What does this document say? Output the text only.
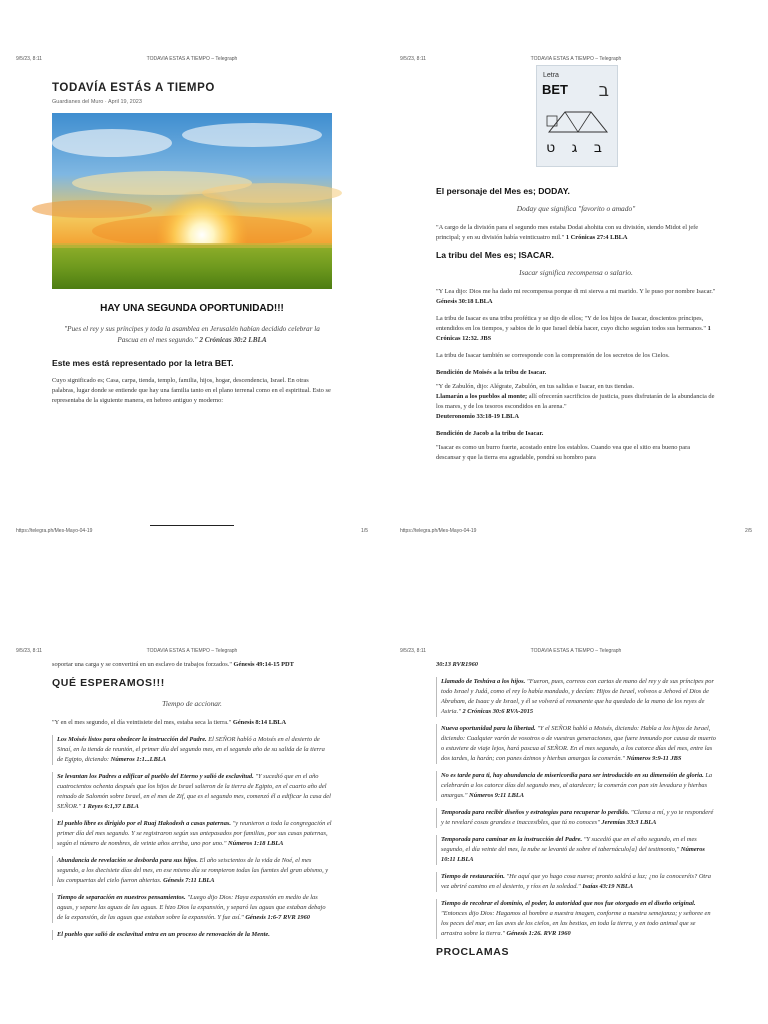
9/5/23, 8:11	TODAVIA ESTAS A TIEMPO – Telegraph
TODAVÍA ESTÁS A TIEMPO
Guardianes del Muro · April 19, 2023
HAY UNA SEGUNDA OPORTUNIDAD!!!
"Pues el rey y sus príncipes y toda la asamblea en Jerusalén habían decidido celebrar la Pascua en el mes segundo." 2 Crónicas 30:2 LBLA
Este mes está representado por la letra BET.

Cuyo significado es; Casa, carpa, tienda, templo, familia, hijos, hogar, descendencia, Israel. En otras palabras, lugar donde se entiende que hay una familia tanto en el plano terrenal como en el espiritual. Esto se representaba de la siguiente manera, en hebreo antiguo y moderno:

https://telegra.ph/Mes-Mayo-04-19	1/5
9/5/23, 8:11	TODAVIA ESTAS A TIEMPO – Telegraph
Letra
BET ב
ב ג ט
El personaje del Mes es; DODAY.
Doday que significa "favorito o amado"

"A cargo de la división para el segundo mes estaba Dodai ahohita con su división, siendo Midot el jefe principal; y en su división había veinticuatro mil." 1 Crónicas 27:4 LBLA

La tribu del Mes es; ISACAR.
Isacar significa recompensa o salario.

"Y Lea dijo: Dios me ha dado mi recompensa porque di mi sierva a mi marido. Y le puso por nombre Isacar." Génesis 30:18 LBLA

La tribu de Isacar es una tribu profética y se dijo de ellos; "Y de los hijos de Isacar, doscientos príncipes, entendidos en los tiempos, y sabios de lo que Israel debía hacer, cuyo dicho seguían todos sus hermanos." 1 Crónicas 12:32. JBS

La tribu de Isacar también se corresponde con la comprensión de los secretos de los Cielos.

Bendición de Moisés a la tribu de Isacar.

"Y de Zabulón, dijo: Alégrate, Zabulón, en tus salidas e Isacar, en tus tiendas.
Llamarán a los pueblos al monte; allí ofrecerán sacrificios de justicia, pues disfrutarán de la abundancia de los mares, y de los tesoros escondidos en la arena."
Deuteronomio 33:18-19 LBLA

Bendición de Jacob a la tribu de Isacar.

"Isacar es como un burro fuerte, acostado entre los establos. Cuando vea que el sitio era bueno para descansar y que la tierra era agradable, pondrá su hombro para

https://telegra.ph/Mes-Mayo-04-19	2/5
9/5/23, 8:11	TODAVIA ESTAS A TIEMPO – Telegraph

soportar una carga y se convertirá en un esclavo de trabajos forzados." Génesis 49:14-15 PDT

QUÉ ESPERAMOS!!!
Tiempo de accionar.

"Y en el mes segundo, el día veintisiete del mes, estaba seca la tierra." Génesis 8:14 LBLA

Los Moisés listos para obedecer la instrucción del Padre. El SEÑOR habló a Moisés en el desierto de Sinaí, en la tienda de reunión, el primer día del segundo mes, en el segundo año de su salida de la tierra de Egipto, diciendo: Números 1:1...LBLA

Se levantan los Padres a edificar al pueblo del Eterno y salió de esclavitud. "Y sucedió que en el año cuatrocientos ochenta después que los hijos de Israel salieron de la tierra de Egipto, en el cuarto año del reinado de Salomón sobre Israel, en el mes de Zif, que es el segundo mes, comenzó él a edificar la casa del SEÑOR." 1 Reyes 6:1,37 LBLA

El pueblo libre es dirigido por el Ruaj Hakodesh a casas paternas. "y reunieron a toda la congregación el primer día del mes segundo. Y se registraron según sus antepasados por familias, por sus casas paternas, según el número de nombres, de veinte años arriba, uno por uno." Números 1:18 LBLA

Abundancia de revelación se desborda para sus hijos. El año seiscientos de la vida de Noé, el mes segundo, a los diecisiete días del mes, en ese mismo día se rompieron todas las fuentes del gran abismo, y las compuertas del cielo fueron abiertas. Génesis 7:11 LBLA

Tiempo de separación en nuestros pensamientos. "Luego dijo Dios: Haya expansión en medio de las aguas, y separe las aguas de las aguas. E hizo Dios la expansión, y separó las aguas que estaban debajo de la expansión, de las aguas que estaban sobre la expansión. Y fue así." Génesis 1:6-7 RVR 1960

El pueblo que salió de esclavitud entra en un proceso de renovación de la Mente.

9/5/23, 8:11	TODAVIA ESTAS A TIEMPO – Telegraph

30:13 RVR1960

Llamado de Teshúva a los hijos. "Fueron, pues, correos con cartas de mano del rey y de sus príncipes por todo Israel y Judá, como el rey lo había mandado, y decían: Hijos de Israel, volveos a Jehová el Dios de Abraham, de Isaac y de Israel, y él se volverá al remanente que ha quedado de la mano de los reyes de Asiria." 2 Crónicas 30:6 RVA-2015

Nueva oportunidad para la libertad. "Y el SEÑOR habló a Moisés, diciendo: Habla a los hijos de Israel, diciendo: Cualquier varón de vosotros o de vuestras generaciones, que fuere inmundo por causa de muerto o estuviere de viaje lejos, hará pascua al SEÑOR. En el mes segundo, a los catorce días del mes, entre las dos tardes, la harán; con panes ázimos y hierbas amargas la comerán." Números 9:9-11 JBS

No es tarde para ti, hay abundancia de misericordia para ser introducido en su dimensión de gloria. La celebrarán a los catorce días del segundo mes, al atardecer; la comerán con pan sin levadura y hierbas amargas." Números 9:11 LBLA

Temporada para recibir diseños y estrategias para recuperar lo perdido. "Clama a mí, y yo te responderé y te revelaré cosas grandes e inaccesibles, que tú no conoces" Jeremías 33:3 LBLA

Temporada para caminar en la instrucción del Padre. "Y sucedió que en el año segundo, en el mes segundo, el día veinte del mes, la nube se levantó de sobre el tabernáculo[a] del testimonio," Números 10:11 LBLA

Tiempo de restauración. "He aquí que yo hago cosa nueva; pronto saldrá a luz; ¿no la conoceréis? Otra vez abriré camino en el desierto, y ríos en la soledad." Isaías 43:19 NBLA

Tiempo de recobrar el dominio, el poder, la autoridad que nos fue otorgado en el diseño original. "Entonces dijo Dios: Hagamos al hombre a nuestra imagen, conforme a nuestra semejanza; y señoree en los peces del mar, en las aves de los cielos, en las bestias, en toda la tierra, y en todo animal que se arrastra sobre la tierra." Génesis 1:26. RVR 1960

PROCLAMAS
